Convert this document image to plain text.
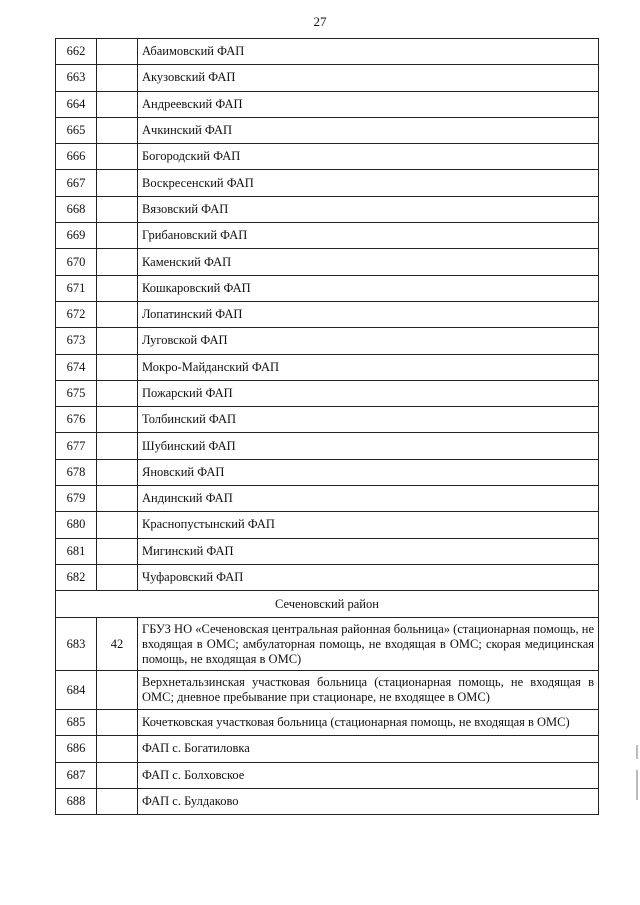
27
662		Абаимовский ФАП
663		Акузовский ФАП
664		Андреевский ФАП
665		Ачкинский ФАП
666		Богородский ФАП
667		Воскресенский ФАП
668		Вязовский ФАП
669		Грибановский ФАП
670		Каменский ФАП
671		Кошкаровский ФАП
672		Лопатинский ФАП
673		Луговской ФАП
674		Мокро-Майданский ФАП
675		Пожарский ФАП
676		Толбинский ФАП
677		Шубинский ФАП
678		Яновский ФАП
679		Андинский ФАП
680		Краснопустынский ФАП
681		Мигинский ФАП
682		Чуфаровский ФАП
Сеченовский район		
683	42	ГБУЗ НО «Сеченовская центральная районная больница» (стационарная помощь, не входящая в ОМС; амбулаторная помощь, не входящая в ОМС; скорая медицинская помощь, не входящая в ОМС)
684		Верхнетальзинская участковая больница (стационарная помощь, не входящая в ОМС; дневное пребывание при стационаре, не входящее в ОМС)
685		Кочетковская участковая больница (стационарная помощь, не входящая в ОМС)
686		ФАП с. Богатиловка
687		ФАП с. Болховское
688		ФАП с. Булдаково
